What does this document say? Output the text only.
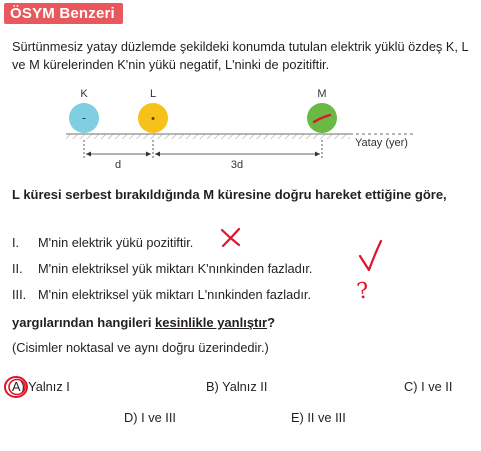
ÖSYM Benzeri
Sürtünmesiz yatay düzlemde şekildeki konumda tutulan elektrik yüklü özdeş K, L ve M kürelerinden K'nin yükü negatif, L'ninki de pozitiftir.
Yatay (yer)
-
K
•
L	M
d	3d
L küresi serbest bırakıldığında M küresine doğru hareket ettiğine göre,
I. M'nin elektrik yükü pozitiftir.
II. M'nin elektriksel yük miktarı K'nınkinden fazladır.
III. M'nin elektriksel yük miktarı L'nınkinden fazladır. ?
yargılarından hangileri kesinlikle yanlıştır?
(Cisimler noktasal ve aynı doğru üzerindedir.)
A) Yalnız I	B) Yalnız II	C) I ve II
D) I ve III	E) II ve III
